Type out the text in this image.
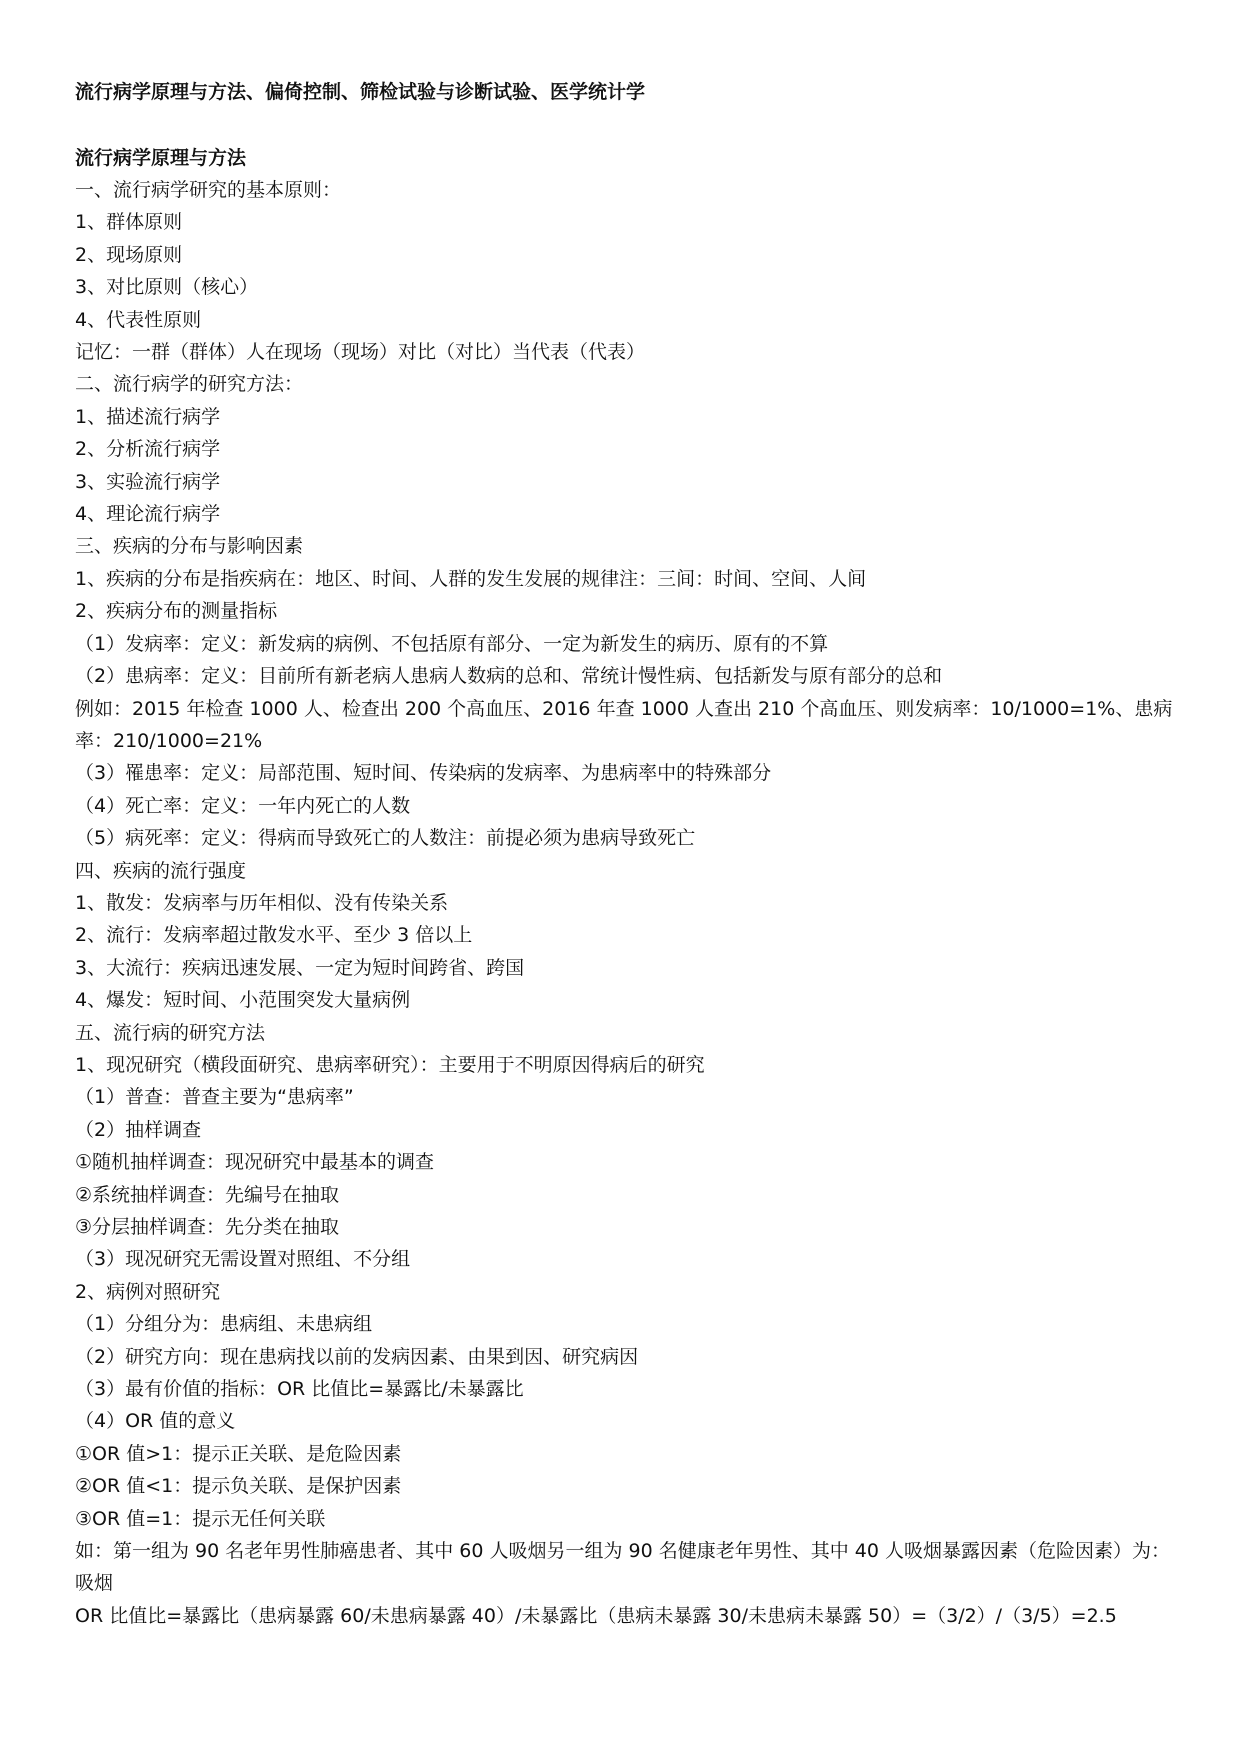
流行病学原理与方法、偏倚控制、筛检试验与诊断试验、医学统计学
流行病学原理与方法

一、流行病学研究的基本原则：

1、群体原则

2、现场原则

3、对比原则（核心）

4、代表性原则

记忆：一群（群体）人在现场（现场）对比（对比）当代表（代表）

二、流行病学的研究方法：

1、描述流行病学

2、分析流行病学

3、实验流行病学

4、理论流行病学

三、疾病的分布与影响因素

1、疾病的分布是指疾病在：地区、时间、人群的发生发展的规律注：三间：时间、空间、人间

2、疾病分布的测量指标

（1）发病率：定义：新发病的病例、不包括原有部分、一定为新发生的病历、原有的不算

（2）患病率：定义：目前所有新老病人患病人数病的总和、常统计慢性病、包括新发与原有部分的总和

例如：2015 年检查 1000 人、检查出 200 个高血压、2016 年查 1000 人查出 210 个高血压、则发病率：10/1000=1%、患病率：210/1000=21%

（3）罹患率：定义：局部范围、短时间、传染病的发病率、为患病率中的特殊部分

（4）死亡率：定义：一年内死亡的人数

（5）病死率：定义：得病而导致死亡的人数注：前提必须为患病导致死亡

四、疾病的流行强度

1、散发：发病率与历年相似、没有传染关系

2、流行：发病率超过散发水平、至少 3 倍以上

3、大流行：疾病迅速发展、一定为短时间跨省、跨国

4、爆发：短时间、小范围突发大量病例

五、流行病的研究方法

1、现况研究（横段面研究、患病率研究）：主要用于不明原因得病后的研究

（1）普查：普查主要为“患病率”

（2）抽样调查

①随机抽样调查：现况研究中最基本的调查

②系统抽样调查：先编号在抽取

③分层抽样调查：先分类在抽取

（3）现况研究无需设置对照组、不分组

2、病例对照研究

（1）分组分为：患病组、未患病组

（2）研究方向：现在患病找以前的发病因素、由果到因、研究病因

（3）最有价值的指标：OR 比值比=暴露比/未暴露比

（4）OR 值的意义

①OR 值>1：提示正关联、是危险因素

②OR 值<1：提示负关联、是保护因素

③OR 值=1：提示无任何关联

如：第一组为 90 名老年男性肺癌患者、其中 60 人吸烟另一组为 90 名健康老年男性、其中 40 人吸烟暴露因素（危险因素）为：吸烟

OR 比值比=暴露比（患病暴露 60/未患病暴露 40）/未暴露比（患病未暴露 30/未患病未暴露 50）=（3/2）/（3/5）=2.5
